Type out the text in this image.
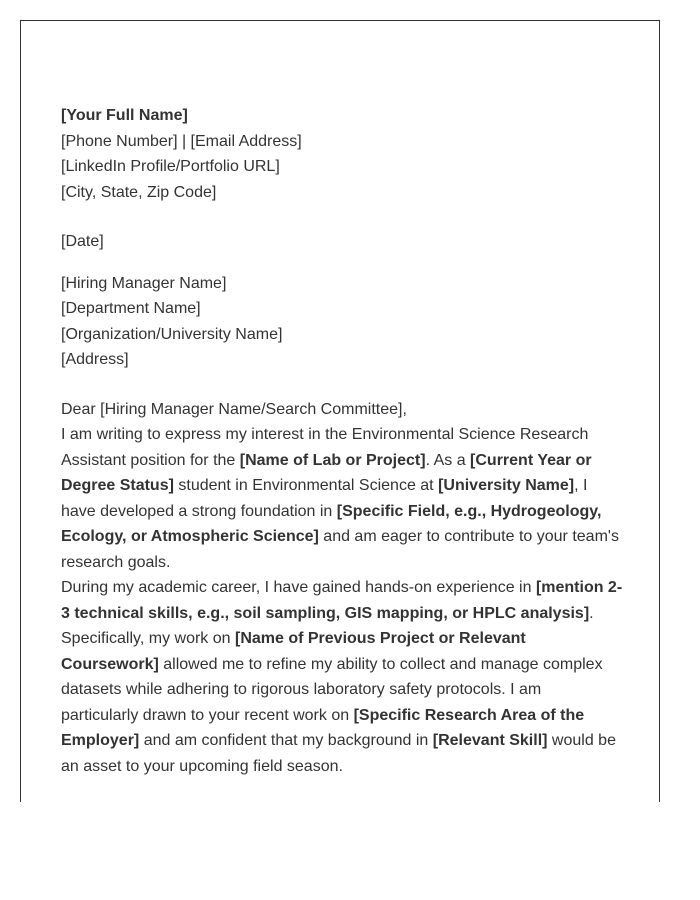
[Your Full Name]
[Phone Number] | [Email Address]
[LinkedIn Profile/Portfolio URL]
[City, State, Zip Code]
[Date]
[Hiring Manager Name]
[Department Name]
[Organization/University Name]
[Address]
Dear [Hiring Manager Name/Search Committee],

I am writing to express my interest in the Environmental Science Research Assistant position for the [Name of Lab or Project]. As a [Current Year or Degree Status] student in Environmental Science at [University Name], I have developed a strong foundation in [Specific Field, e.g., Hydrogeology, Ecology, or Atmospheric Science] and am eager to contribute to your team's research goals.

During my academic career, I have gained hands-on experience in [mention 2-3 technical skills, e.g., soil sampling, GIS mapping, or HPLC analysis]. Specifically, my work on [Name of Previous Project or Relevant Coursework] allowed me to refine my ability to collect and manage complex datasets while adhering to rigorous laboratory safety protocols. I am particularly drawn to your recent work on [Specific Research Area of the Employer] and am confident that my background in [Relevant Skill] would be an asset to your upcoming field season.
